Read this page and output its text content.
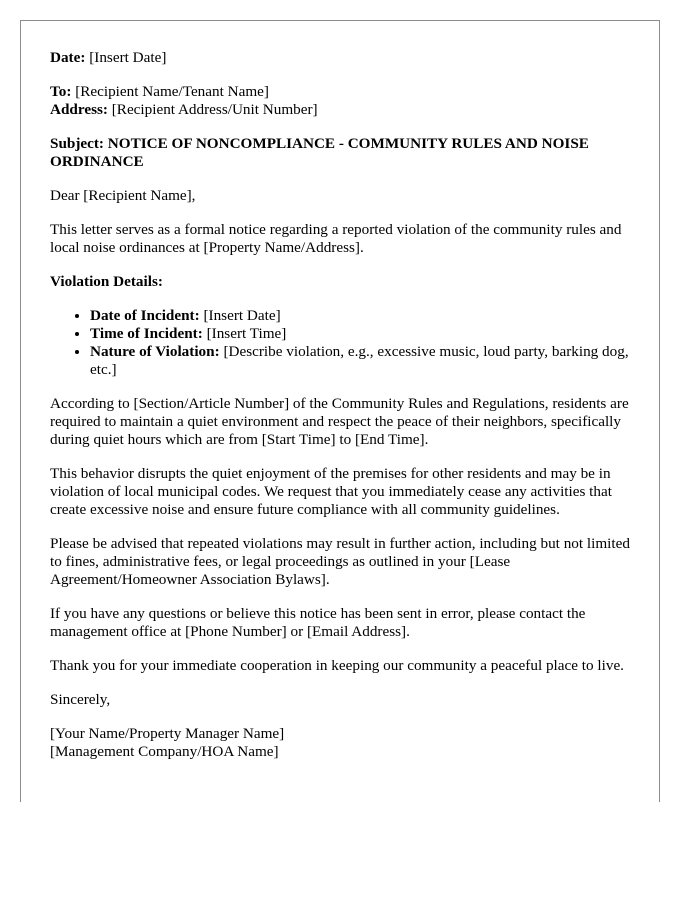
Date: [Insert Date]

To: [Recipient Name/Tenant Name]

Address: [Recipient Address/Unit Number]

Subject: NOTICE OF NONCOMPLIANCE - COMMUNITY RULES AND NOISE ORDINANCE

Dear [Recipient Name],

This letter serves as a formal notice regarding a reported violation of the community rules and local noise ordinances at [Property Name/Address].

Violation Details:

• Date of Incident: [Insert Date]
• Time of Incident: [Insert Time]
• Nature of Violation: [Describe violation, e.g., excessive music, loud party, barking dog, etc.]

According to [Section/Article Number] of the Community Rules and Regulations, residents are required to maintain a quiet environment and respect the peace of their neighbors, specifically during quiet hours which are from [Start Time] to [End Time].

This behavior disrupts the quiet enjoyment of the premises for other residents and may be in violation of local municipal codes. We request that you immediately cease any activities that create excessive noise and ensure future compliance with all community guidelines.

Please be advised that repeated violations may result in further action, including but not limited to fines, administrative fees, or legal proceedings as outlined in your [Lease Agreement/Homeowner Association Bylaws].

If you have any questions or believe this notice has been sent in error, please contact the management office at [Phone Number] or [Email Address].

Thank you for your immediate cooperation in keeping our community a peaceful place to live.

Sincerely,

[Your Name/Property Manager Name]

[Management Company/HOA Name]
